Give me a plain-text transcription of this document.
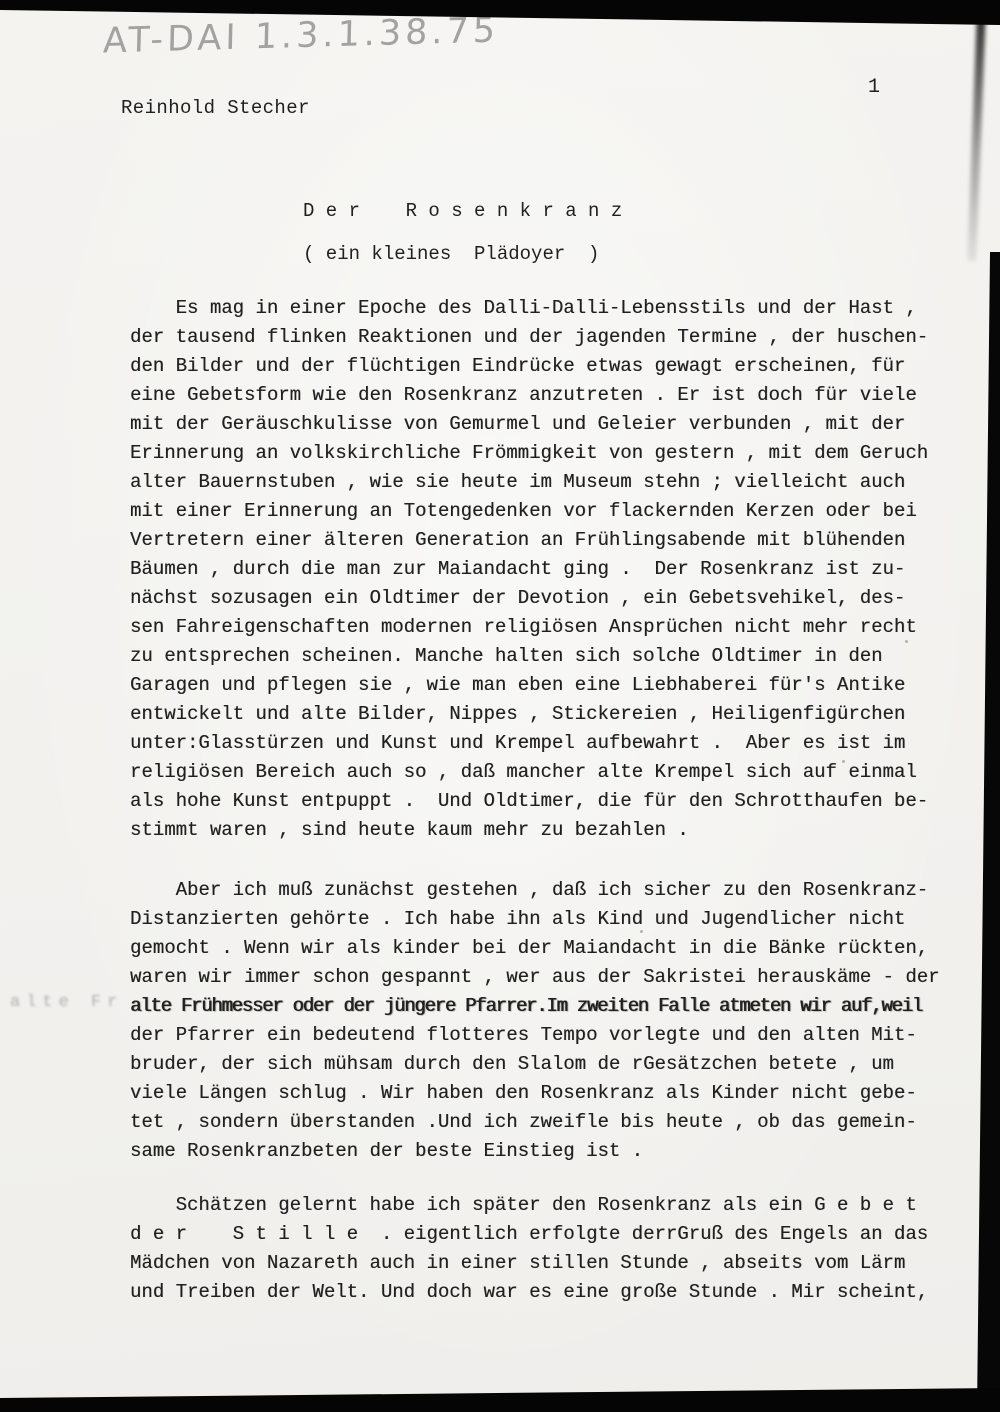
AT-DAI 1.3.1.38.75
1
Reinhold Stecher
D e r    R o s e n k r a n z
( ein kleines  Plädoyer  )
Es mag in einer Epoche des Dalli-Dalli-Lebensstils und der Hast ,
der tausend flinken Reaktionen und der jagenden Termine , der huschen-
den Bilder und der flüchtigen Eindrücke etwas gewagt erscheinen, für
eine Gebetsform wie den Rosenkranz anzutreten . Er ist doch für viele
mit der Geräuschkulisse von Gemurmel und Geleier verbunden , mit der
Erinnerung an volkskirchliche Frömmigkeit von gestern , mit dem Geruch
alter Bauernstuben , wie sie heute im Museum stehn ; vielleicht auch
mit einer Erinnerung an Totengedenken vor flackernden Kerzen oder bei
Vertretern einer älteren Generation an Frühlingsabende mit blühenden
Bäumen , durch die man zur Maiandacht ging .  Der Rosenkranz ist zu-
nächst sozusagen ein Oldtimer der Devotion , ein Gebetsvehikel, des-
sen Fahreigenschaften modernen religiösen Ansprüchen nicht mehr recht
zu entsprechen scheinen. Manche halten sich solche Oldtimer in den
Garagen und pflegen sie , wie man eben eine Liebhaberei für's Antike
entwickelt und alte Bilder, Nippes , Stickereien , Heiligenfigürchen
unter:Glasstürzen und Kunst und Krempel aufbewahrt .  Aber es ist im
religiösen Bereich auch so , daß mancher alte Krempel sich auf einmal
als hohe Kunst entpuppt .  Und Oldtimer, die für den Schrotthaufen be-
stimmt waren , sind heute kaum mehr zu bezahlen .
Aber ich muß zunächst gestehen , daß ich sicher zu den Rosenkranz-
Distanzierten gehörte . Ich habe ihn als Kind und Jugendlicher nicht
gemocht . Wenn wir als kinder bei der Maiandacht in die Bänke rückten,
waren wir immer schon gespannt , wer aus der Sakristei herauskäme - der
alte Frühmesser oder der jüngere Pfarrer.Im zweiten Falle atmeten wir auf,weil
der Pfarrer ein bedeutend flotteres Tempo vorlegte und den alten Mit-
bruder, der sich mühsam durch den Slalom de rGesätzchen betete , um
viele Längen schlug . Wir haben den Rosenkranz als Kinder nicht gebe-
tet , sondern überstanden .Und ich zweifle bis heute , ob das gemein-
same Rosenkranzbeten der beste Einstieg ist .
Schätzen gelernt habe ich später den Rosenkranz als ein G e b e t
d e r    S t i l l e  . eigentlich erfolgte derrGruß des Engels an das
Mädchen von Nazareth auch in einer stillen Stunde , abseits vom Lärm
und Treiben der Welt. Und doch war es eine große Stunde . Mir scheint,
alte Fr
